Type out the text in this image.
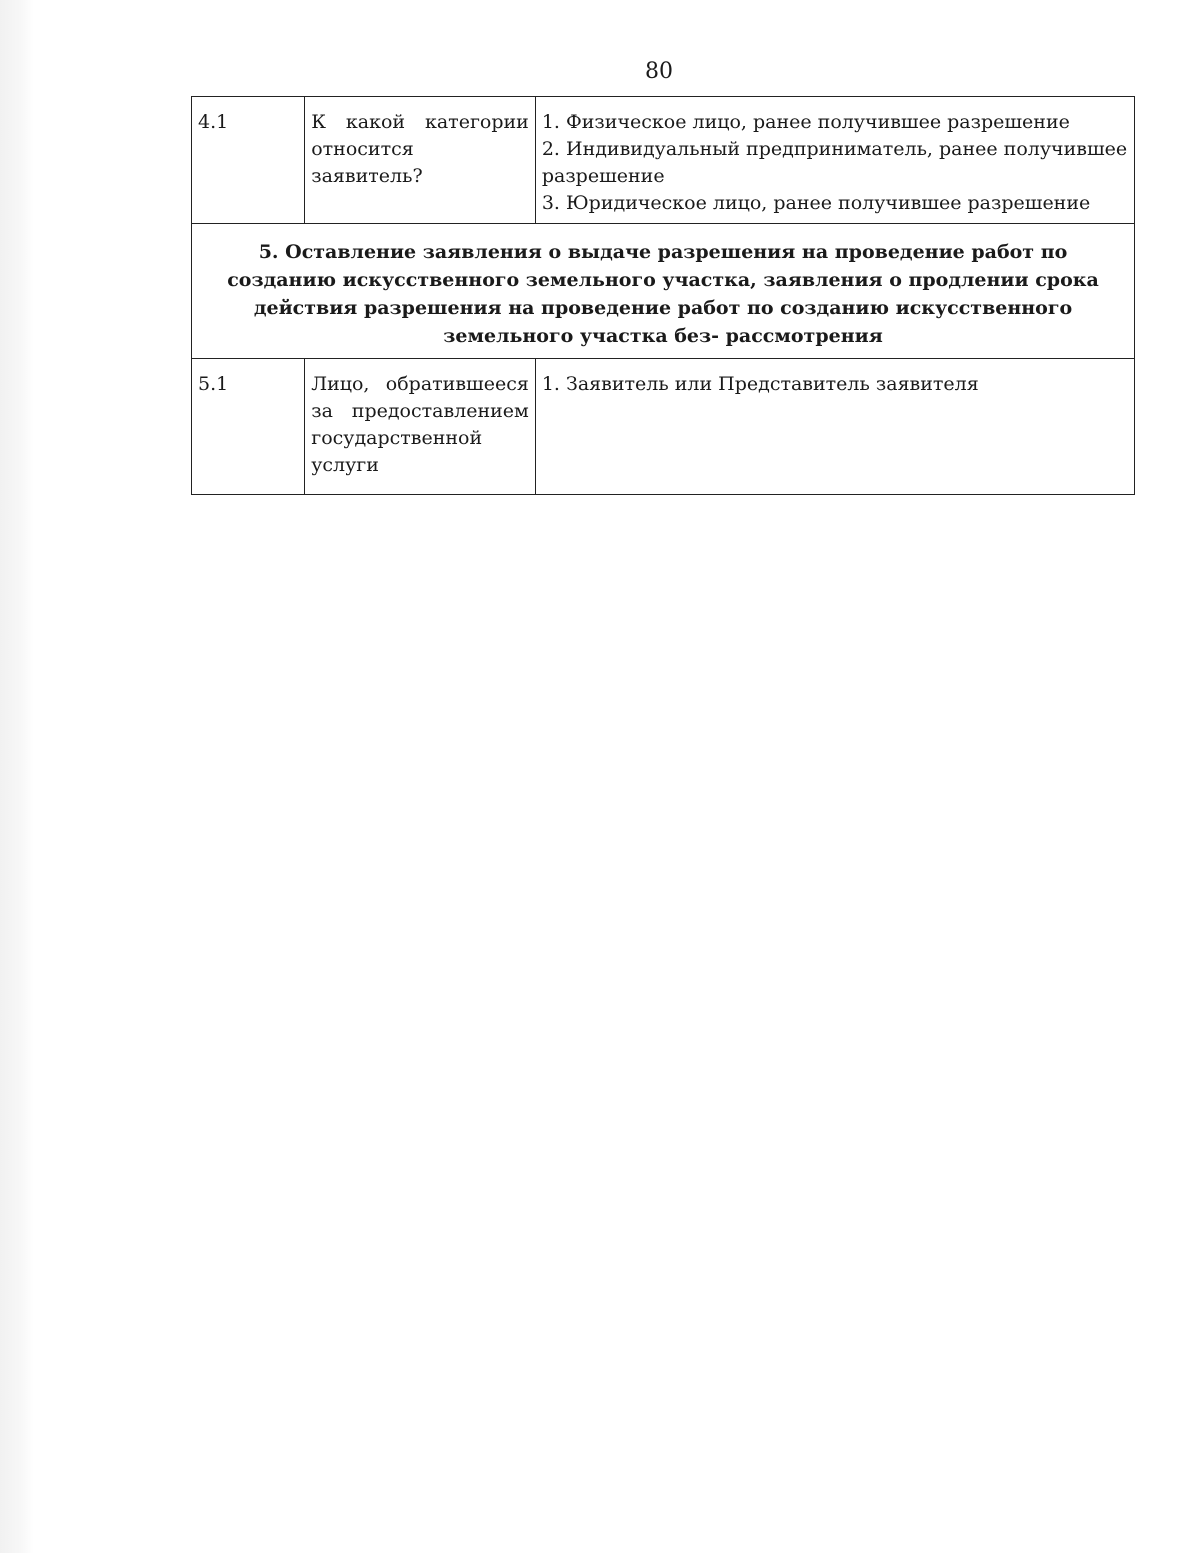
80
4.1	К какой категории относится заявитель?	1. Физическое лицо, ранее получившее разрешение
2. Индивидуальный предприниматель, ранее получившее разрешение
3. Юридическое лицо, ранее получившее разрешение

5. Оставление заявления о выдаче разрешения на проведение работ по созданию искусственного земельного участка, заявления о продлении срока действия разрешения на проведение работ по созданию искусственного земельного участка без- рассмотрения		
5.1	Лицо, обратившееся за предоставлением государственной услуги	1. Заявитель или Представитель заявителя
